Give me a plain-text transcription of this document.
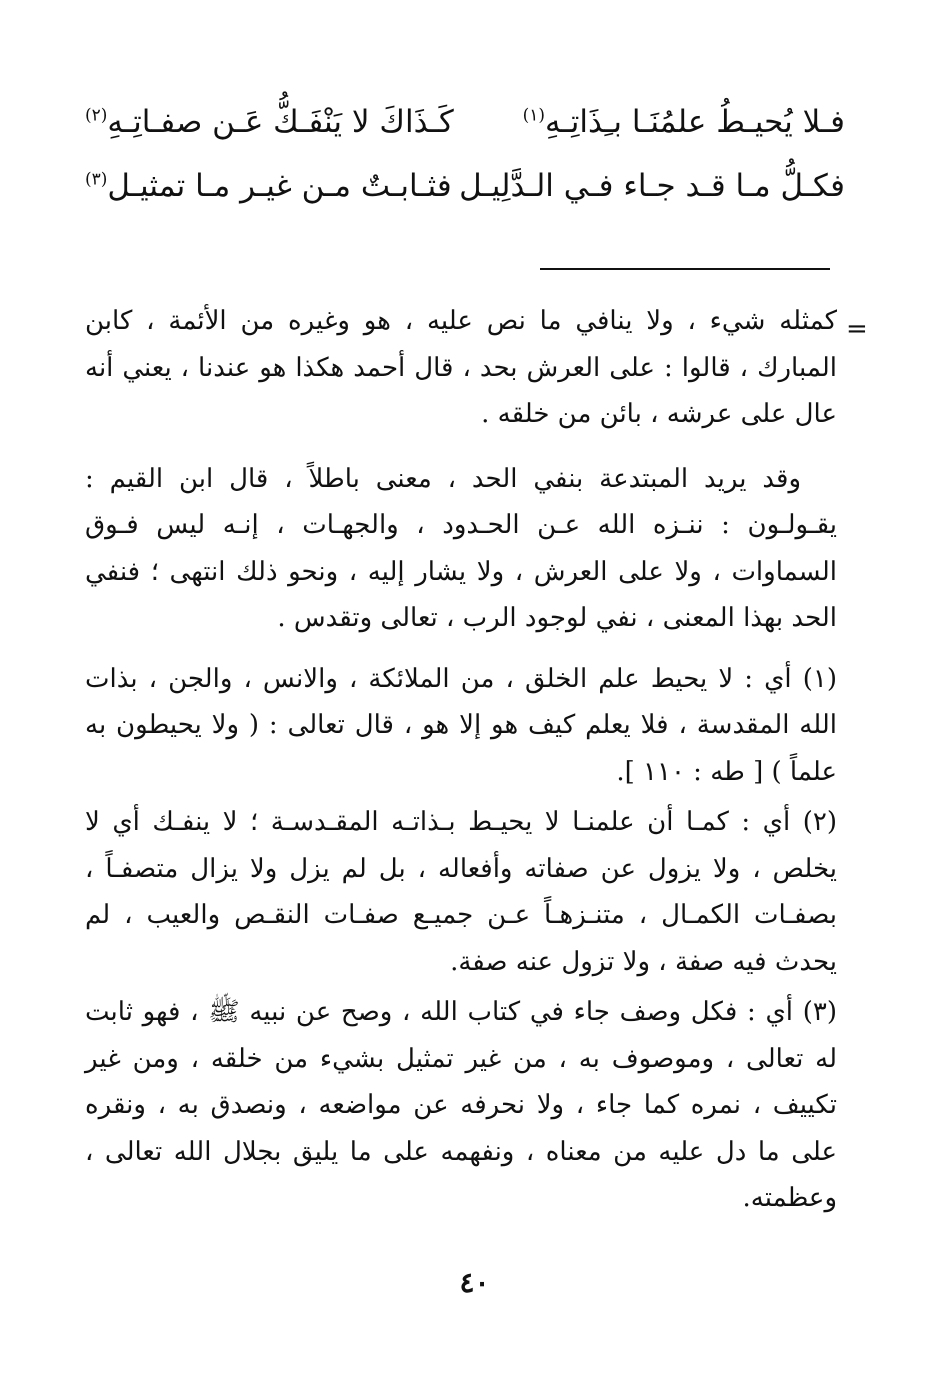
فـلا يُحيـطُ علمُنَـا بـِذَاتِـهِ$^{(١)}$
كَـذَاكَ لا يَنْفَـكُّ عَـن صفـاتِـهِ$^{(٢)}$
فكـلُّ مـا قـد جـاء فـي الـدَّلِيـل
فثـابـتٌ مـن غيـر مـا تمثيـل$^{(٣)}$
=

كمثله شيء ، ولا ينافي ما نص عليه ، هو وغيره من الأئمة ، كابن المبارك ، قالوا : على العرش بحد ، قال أحمد هكذا هو عندنا ، يعني أنه عال على عرشه ، بائن من خلقه .

وقد يريد المبتدعة بنفي الحد ، معنى باطلاً ، قال ابن القيم : يقـولـون : ننـزه الله عـن الحـدود ، والجهـات ، إنـه ليس فـوق السماوات ، ولا على العرش ، ولا يشار إليه ، ونحو ذلك انتهى ؛ فنفي الحد بهذا المعنى ، نفي لوجود الرب ، تعالى وتقدس .

(١) أي : لا يحيط علم الخلق ، من الملائكة ، والانس ، والجن ، بذات الله المقدسة ، فلا يعلم كيف هو إلا هو ، قال تعالى : ( ولا يحيطون به علماً ) [ طه : ١١٠ ].

(٢) أي : كمـا أن علمنـا لا يحيـط بـذاتـه المقـدسـة ؛ لا ينفـك أي لا يخلص ، ولا يزول عن صفاته وأفعاله ، بل لم يزل ولا يزال متصفـاً ، بصفـات الكمـال ، متنـزهـاً عـن جميـع صفـات النقـص والعيب ، لم يحدث فيه صفة ، ولا تزول عنه صفة.

(٣) أي : فكل وصف جاء في كتاب الله ، وصح عن نبيه ﷺ ، فهو ثابت له تعالى ، وموصوف به ، من غير تمثيل بشيء من خلقه ، ومن غير تكييف ، نمره كما جاء ، ولا نحرفه عن مواضعه ، ونصدق به ، ونقره على ما دل عليه من معناه ، ونفهمه على ما يليق بجلال الله تعالى ، وعظمته.

٤٠
